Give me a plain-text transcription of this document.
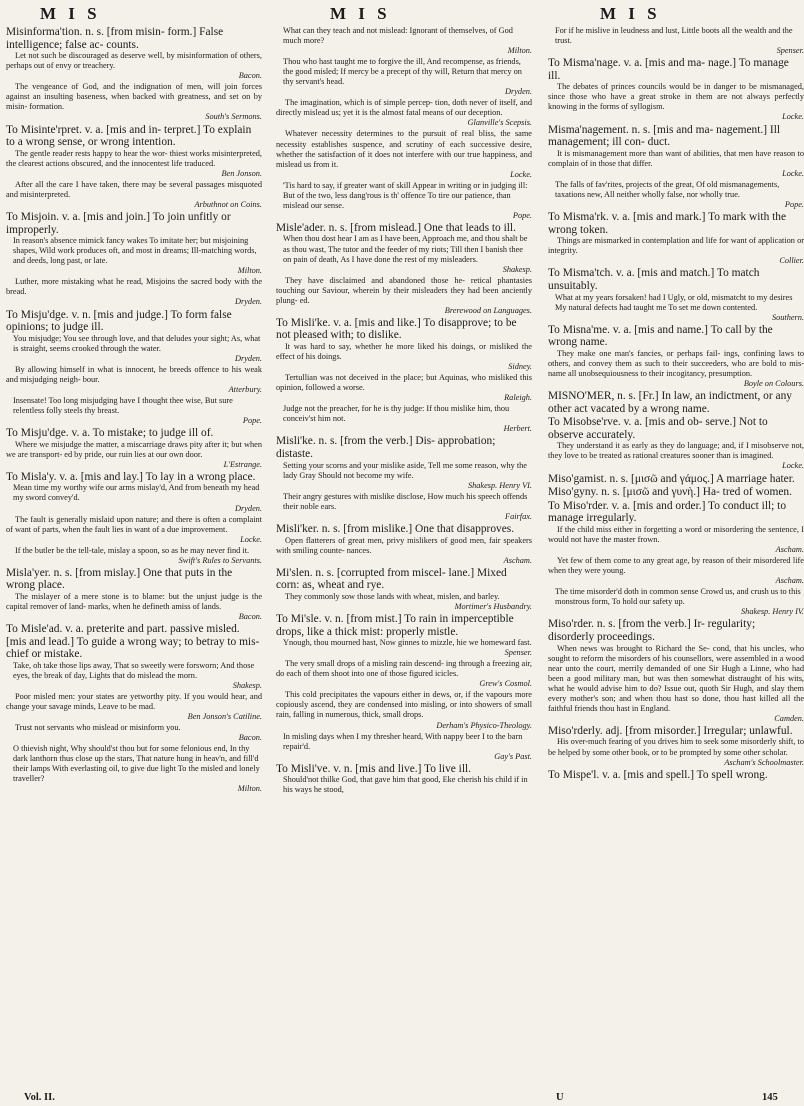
M I S	M I S	M I S
Misinforma'tion. n. s. [from misin- form.] False intelligence; false ac- counts.
Let not such be discouraged as deserve well, by misinformation of others, perhaps out of envy or treachery.
Bacon.
The vengeance of God, and the indignation of men, will join forces against an insulting baseness, when backed with greatness, and set on by misin- formation.
South's Sermons.
To Misinte'rpret. v. a. [mis and in- terpret.] To explain to a wrong sense, or wrong intention.
The gentle reader rests happy to hear the wor- thiest works misinterpreted, the clearest actions obscured, and the innocentest life traduced.
Ben Jonson.
After all the care I have taken, there may be several passages misquoted and misinterpreted.
Arbuthnot on Coins.
To Misjoin. v. a. [mis and join.] To join unfitly or improperly.
In reason's absence mimick fancy wakes To imitate her; but misjoining shapes, Wild work produces oft, and most in dreams; Ill-matching words, and deeds, long past, or late.
Milton.
Luther, more mistaking what he read, Misjoins the sacred body with the bread.
Dryden.
To Misju'dge. v. n. [mis and judge.] To form false opinions; to judge ill.
You misjudge; You see through love, and that deludes your sight; As, what is straight, seems crooked through the water.
Dryden.
By allowing himself in what is innocent, he breeds offence to his weak and misjudging neigh- bour.
Atterbury.
Insensate! Too long misjudging have I thought thee wise, But sure relentless folly steels thy breast.
Pope.
To Misju'dge. v. a. To mistake; to judge ill of.
Where we misjudge the matter, a miscarriage draws pity after it; but when we are transport- ed by pride, our ruin lies at our own door.
L'Estrange.
To Misla'y. v. a. [mis and lay.] To lay in a wrong place.
Mean time my worthy wife our arms mislay'd, And from beneath my head my sword convey'd.
Dryden.
The fault is generally mislaid upon nature; and there is often a complaint of want of parts, when the fault lies in want of a due improvement.
Locke.
If the butler be the tell-tale, mislay a spoon, so as he may never find it.
Swift's Rules to Servants.
Misla'yer. n. s. [from mislay.] One that puts in the wrong place.
The mislayer of a mere stone is to blame: but the unjust judge is the capital remover of land- marks, when he defineth amiss of lands.
Bacon.
To Misle'ad. v. a. preterite and part. passive misled. [mis and lead.] To guide a wrong way; to betray to mis- chief or mistake.
Take, oh take those lips away, That so sweetly were forsworn; And those eyes, the break of day, Lights that do mislead the morn.
Shakesp.
Poor misled men: your states are yetworthy pity. If you would hear, and change your savage minds, Leave to be mad.
Ben Jonson's Catiline.
Trust not servants who mislead or misinform you.
Bacon.
O thievish night, Why should'st thou but for some felonious end, In thy dark lanthorn thus close up the stars, That nature hung in heav'n, and fill'd their lamps With everlasting oil, to give due light To the misled and lonely traveller?
Milton.
What can they teach and not mislead: Ignorant of themselves, of God much more?
Milton.
Thou who hast taught me to forgive the ill, And recompense, as friends, the good misled; If mercy be a precept of thy will, Return that mercy on thy servant's head.
Dryden.
The imagination, which is of simple percep- tion, doth never of itself, and directly mislead us; yet it is the almost fatal means of our deception.
Glanville's Scepsis.
Whatever necessity determines to the pursuit of real bliss, the same necessity establishes suspence, and scrutiny of each successive desire, whether the satisfaction of it does not interfere with our true happiness, and mislead us from it.
Locke.
'Tis hard to say, if greater want of skill Appear in writing or in judging ill: But of the two, less dang'rous is th' offence To tire our patience, than mislead our sense.
Pope.
Misle'ader. n. s. [from mislead.] One that leads to ill.
When thou dost hear I am as I have been, Approach me, and thou shalt be as thou wast, The tutor and the feeder of my riots; Till then I banish thee on pain of death, As I have done the rest of my misleaders.
Shakesp.
They have disclaimed and abandoned those he- retical phantasies touching our Saviour, wherein by their misleaders they had been anciently plung- ed.
Brerewood on Languages.
To Misli'ke. v. a. [mis and like.] To disapprove; to be not pleased with; to dislike.
It was hard to say, whether he more liked his doings, or misliked the effect of his doings.
Sidney.
Tertullian was not deceived in the place; but Aquinas, who misliked this opinion, followed a worse.
Raleigh.
Judge not the preacher, for he is thy judge: If thou mislike him, thou conceiv'st him not.
Herbert.
Misli'ke. n. s. [from the verb.] Dis- approbation; distaste.
Setting your scorns and your mislike aside, Tell me some reason, why the lady Gray Should not become my wife.
Shakesp. Henry VI.
Their angry gestures with mislike disclose, How much his speech offends their noble ears.
Fairfax.
Misli'ker. n. s. [from mislike.] One that disapproves.
Open flatterers of great men, privy mislikers of good men, fair speakers with smiling counte- nances.
Ascham.
Mi'slen. n. s. [corrupted from miscel- lane.] Mixed corn: as, wheat and rye.
They commonly sow those lands with wheat, mislen, and barley.
Mortimer's Husbandry.
To Mi'sle. v. n. [from mist.] To rain in imperceptible drops, like a thick mist: properly mistle.
Ynough, thou mourned hast, Now ginnes to mizzle, hie we homeward fast.
Spenser.
The very small drops of a misling rain descend- ing through a freezing air, do each of them shoot into one of those figured icicles.
Grew's Cosmol.
This cold precipitates the vapours either in dews, or, if the vapours more copiously ascend, they are condensed into misling, or into showers of small rain, falling in numerous, thick, small drops.
Derham's Physico-Theology.
In misling days when I my thresher heard, With nappy beer I to the barn repair'd.
Gay's Past.
To Misli've. v. n. [mis and live.] To live ill.
Should'not thilke God, that gave him that good, Eke cherish his child if in his ways he stood,
For if he mislive in leudness and lust, Little boots all the wealth and the trust.
Spenser.
To Misma'nage. v. a. [mis and ma- nage.] To manage ill.
The debates of princes councils would be in danger to be mismanaged, since those who have a great stroke in them are not always perfectly knowing in the forms of syllogism.
Locke.
Misma'nagement. n. s. [mis and ma- nagement.] Ill management; ill con- duct.
It is mismanagement more than want of abilities, that men have reason to complain of in those that differ.
Locke.
The falls of fav'rites, projects of the great, Of old mismanagements, taxations new, All neither wholly false, nor wholly true.
Pope.
To Misma'rk. v. a. [mis and mark.] To mark with the wrong token.
Things are mismarked in contemplation and life for want of application or integrity.
Collier.
To Misma'tch. v. a. [mis and match.] To match unsuitably.
What at my years forsaken! had I Ugly, or old, mismatcht to my desires My natural defects had taught me To set me down contented.
Southern.
To Misna'me. v. a. [mis and name.] To call by the wrong name.
They make one man's fancies, or perhaps fail- ings, confining laws to others, and convey them as such to their succeeders, who are bold to mis- name all unobsequiousness to their incogitancy, presumption.
Boyle on Colours.
MISNO'MER, n. s. [Fr.] In law, an indictment, or any other act vacated by a wrong name.
To Misobse'rve. v. a. [mis and ob- serve.] Not to observe accurately.
They understand it as early as they do language; and, if I misobserve not, they love to be treated as rational creatures sooner than is imagined.
Locke.
Miso'gamist. n. s. [μισῶ and γάμος.] A marriage hater.
Miso'gyny. n. s. [μισῶ and γυνὴ.] Ha- tred of women.
To Miso'rder. v. a. [mis and order.] To conduct ill; to manage irregularly.
If the child miss either in forgetting a word or misordering the sentence, I would not have the master frown.
Ascham.
Yet few of them come to any great age, by reason of their misordered life when they were young.
Ascham.
The time misorder'd doth in common sense Crowd us, and crush us to this monstrous form, To hold our safety up.
Shakesp. Henry IV.
Miso'rder. n. s. [from the verb.] Ir- regularity; disorderly proceedings.
When news was brought to Richard the Se- cond, that his uncles, who sought to reform the misorders of his counsellors, were assembled in a wood near unto the court, merrily demanded of one Sir Hugh a Linne, who had been a good military man, but was then somewhat distraught of his wits, what he would advise him to do? Issue out, quoth Sir Hugh, and slay them every mother's son; and when thou hast so done, thou hast killed all the faithful friends thou hast in England.
Camden.
Miso'rderly. adj. [from misorder.] Irregular; unlawful.
His over-much fearing of you drives him to seek some misorderly shift, to be helped by some other book, or to be prompted by some other scholar.
Ascham's Schoolmaster.
To Mispe'l. v. a. [mis and spell.] To spell wrong.
Vol. II.	U	145
